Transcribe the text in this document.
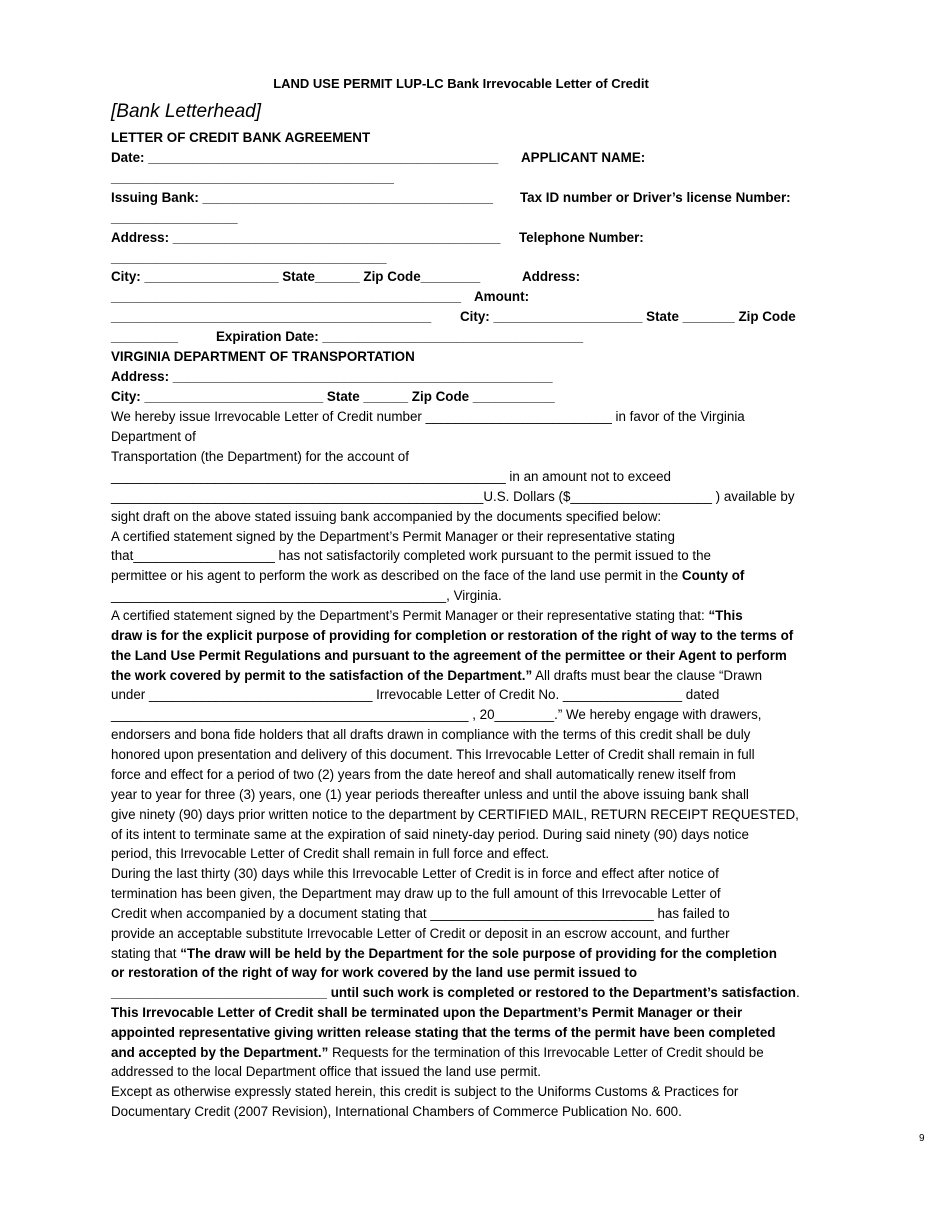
LAND USE PERMIT LUP-LC Bank Irrevocable Letter of Credit
[Bank Letterhead]
LETTER OF CREDIT BANK AGREEMENT
Date: _______________________________________________
______________________________________
Issuing Bank: _______________________________________
_________________
Address: ____________________________________________
_____________________________________
City: __________________ State______ Zip Code________
_______________________________________________
___________________________________________
_________	Expiration Date: ___________________________________
APPLICANT NAME:
Tax ID number or Driver’s license Number:
Telephone Number:
Address:
Amount:
City: ____________________ State _______ Zip Code
VIRGINIA DEPARTMENT OF TRANSPORTATION
Address: ___________________________________________________
City: ________________________ State ______ Zip Code ___________
We hereby issue Irrevocable Letter of Credit number _________________________ in favor of the Virginia
Department of
Transportation (the Department) for the account of
_____________________________________________________ in an amount not to exceed
__________________________________________________U.S. Dollars ($___________________ ) available by
sight draft on the above stated issuing bank accompanied by the documents specified below:
A certified statement signed by the Department’s Permit Manager or their representative stating
that___________________ has not satisfactorily completed work pursuant to the permit issued to the
permittee or his agent to perform the work as described on the face of the land use permit in the County of
_____________________________________________, Virginia.
A certified statement signed by the Department’s Permit Manager or their representative stating that: “This
draw is for the explicit purpose of providing for completion or restoration of the right of way to the terms of
the Land Use Permit Regulations and pursuant to the agreement of the permittee or their Agent to perform
the work covered by permit to the satisfaction of the Department.” All drafts must bear the clause “Drawn
under ______________________________ Irrevocable Letter of Credit No. ________________ dated
________________________________________________ , 20________.” We hereby engage with drawers,
endorsers and bona fide holders that all drafts drawn in compliance with the terms of this credit shall be duly
honored upon presentation and delivery of this document. This Irrevocable Letter of Credit shall remain in full
force and effect for a period of two (2) years from the date hereof and shall automatically renew itself from
year to year for three (3) years, one (1) year periods thereafter unless and until the above issuing bank shall
give ninety (90) days prior written notice to the department by CERTIFIED MAIL, RETURN RECEIPT REQUESTED,
of its intent to terminate same at the expiration of said ninety-day period. During said ninety (90) days notice
period, this Irrevocable Letter of Credit shall remain in full force and effect.
During the last thirty (30) days while this Irrevocable Letter of Credit is in force and effect after notice of
termination has been given, the Department may draw up to the full amount of this Irrevocable Letter of
Credit when accompanied by a document stating that ______________________________ has failed to
provide an acceptable substitute Irrevocable Letter of Credit or deposit in an escrow account, and further
stating that “The draw will be held by the Department for the sole purpose of providing for the completion
or restoration of the right of way for work covered by the land use permit issued to
_____________________________ until such work is completed or restored to the Department’s satisfaction.
This Irrevocable Letter of Credit shall be terminated upon the Department’s Permit Manager or their
appointed representative giving written release stating that the terms of the permit have been completed
and accepted by the Department.” Requests for the termination of this Irrevocable Letter of Credit should be
addressed to the local Department office that issued the land use permit.
Except as otherwise expressly stated herein, this credit is subject to the Uniforms Customs & Practices for
Documentary Credit (2007 Revision), International Chambers of Commerce Publication No. 600.
9
